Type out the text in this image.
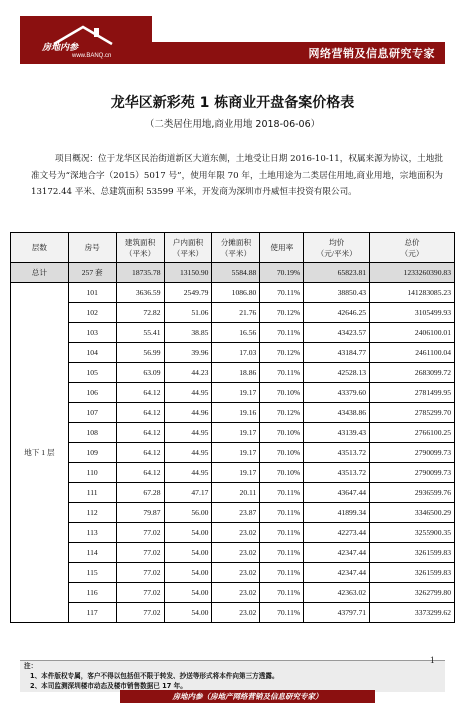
房地内参
www.BANQ.cn	网络营销及信息研究专家
龙华区新彩苑 1 栋商业开盘备案价格表
（二类居住用地,商业用地 2018-06-06）

项目概况：位于龙华区民治街道新区大道东侧，土地受让日期 2016-10-11，权属来源为协议，土地批准文号为“深地合字（2015）5017 号”，使用年限 70 年，土地用途为二类居住用地,商业用地，宗地面积为 13172.44 平米、总建筑面积 53599 平米，开发商为深圳市丹威恒丰投资有限公司。

层数	房号	建筑面积
（平米）	户内面积
（平米）	分摊面积
（平米）	使用率	均价
（元/平米）	总价
（元）
总计	257 套	18735.78	13150.90	5584.88	70.19%	65823.81	1233260390.83
地下 1 层	101	3636.59	2549.79	1086.80	70.11%	38850.43	141283085.23
	102	72.82	51.06	21.76	70.12%	42646.25	3105499.93
	103	55.41	38.85	16.56	70.11%	43423.57	2406100.01
	104	56.99	39.96	17.03	70.12%	43184.77	2461100.04
	105	63.09	44.23	18.86	70.11%	42528.13	2683099.72
	106	64.12	44.95	19.17	70.10%	43379.60	2781499.95
	107	64.12	44.96	19.16	70.12%	43438.86	2785299.70
	108	64.12	44.95	19.17	70.10%	43139.43	2766100.25
	109	64.12	44.95	19.17	70.10%	43513.72	2790099.73
	110	64.12	44.95	19.17	70.10%	43513.72	2790099.73
	111	67.28	47.17	20.11	70.11%	43647.44	2936599.76
	112	79.87	56.00	23.87	70.11%	41899.34	3346500.29
	113	77.02	54.00	23.02	70.11%	42273.44	3255900.35
	114	77.02	54.00	23.02	70.11%	42347.44	3261599.83
	115	77.02	54.00	23.02	70.11%	42347.44	3261599.83
	116	77.02	54.00	23.02	70.11%	42363.02	3262799.80
	117	77.02	54.00	23.02	70.11%	43797.71	3373299.62
注：
1、本件版权专属，客户不得以包括但不限于转发、抄送等形式将本件向第三方透露。
2、本司监测深圳楼市动态及楼市销售数据已 17 年。
1
房地内参（房地产网络营销及信息研究专家）
